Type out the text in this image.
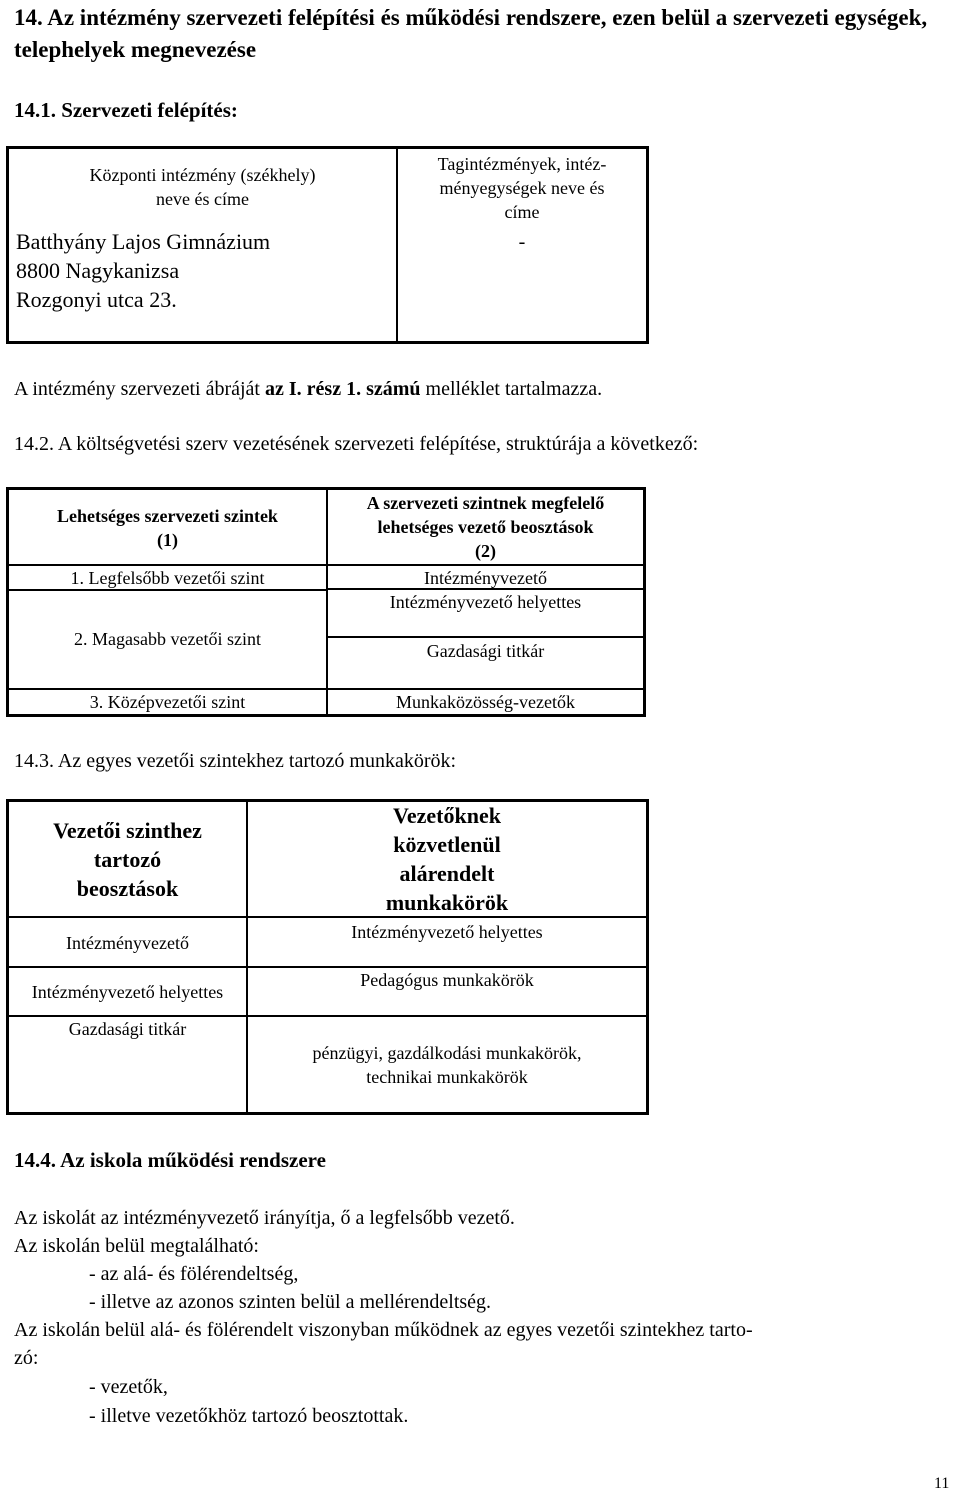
14. Az intézmény szervezeti felépítési és működési rendszere, ezen belül a szervezeti egységek, telephelyek megnevezése
14.1. Szervezeti felépítés:
Központi intézmény (székhely)
neve és címe
Batthyány Lajos Gimnázium
8800 Nagykanizsa
Rozgonyi utca 23.
Tagintézmények, intéz-
ményegységek neve és
címe
-
A intézmény szervezeti ábráját az I. rész 1. számú melléklet tartalmazza.
14.2. A költségvetési szerv vezetésének szervezeti felépítése, struktúrája a következő:
Lehetséges szervezeti szintek
(1)
A szervezeti szintnek megfelelő
lehetséges vezető beosztások
(2)
1. Legfelsőbb vezetői szint	Intézményvezető
Intézményvezető helyettes
2. Magasabb vezetői szint
Gazdasági titkár
3. Középvezetői szint	Munkaközösség-vezetők
14.3. Az egyes vezetői szintekhez tartozó munkakörök:
Vezetői szinthez
tartozó
beosztások
Vezetőknek
közvetlenül
alárendelt
munkakörök
Intézményvezető
Intézményvezető helyettes
Intézményvezető helyettes
Pedagógus munkakörök
Gazdasági titkár
pénzügyi, gazdálkodási munkakörök,
technikai munkakörök
14.4. Az iskola működési rendszere
Az iskolát az intézményvezető irányítja, ő a legfelsőbb vezető.
Az iskolán belül megtalálható:
- az alá- és fölérendeltség,
- illetve az azonos szinten belül a mellérendeltség.
Az iskolán belül alá- és fölérendelt viszonyban működnek az egyes vezetői szintekhez tarto-
zó:
- vezetők,
- illetve vezetőkhöz tartozó beosztottak.
11
